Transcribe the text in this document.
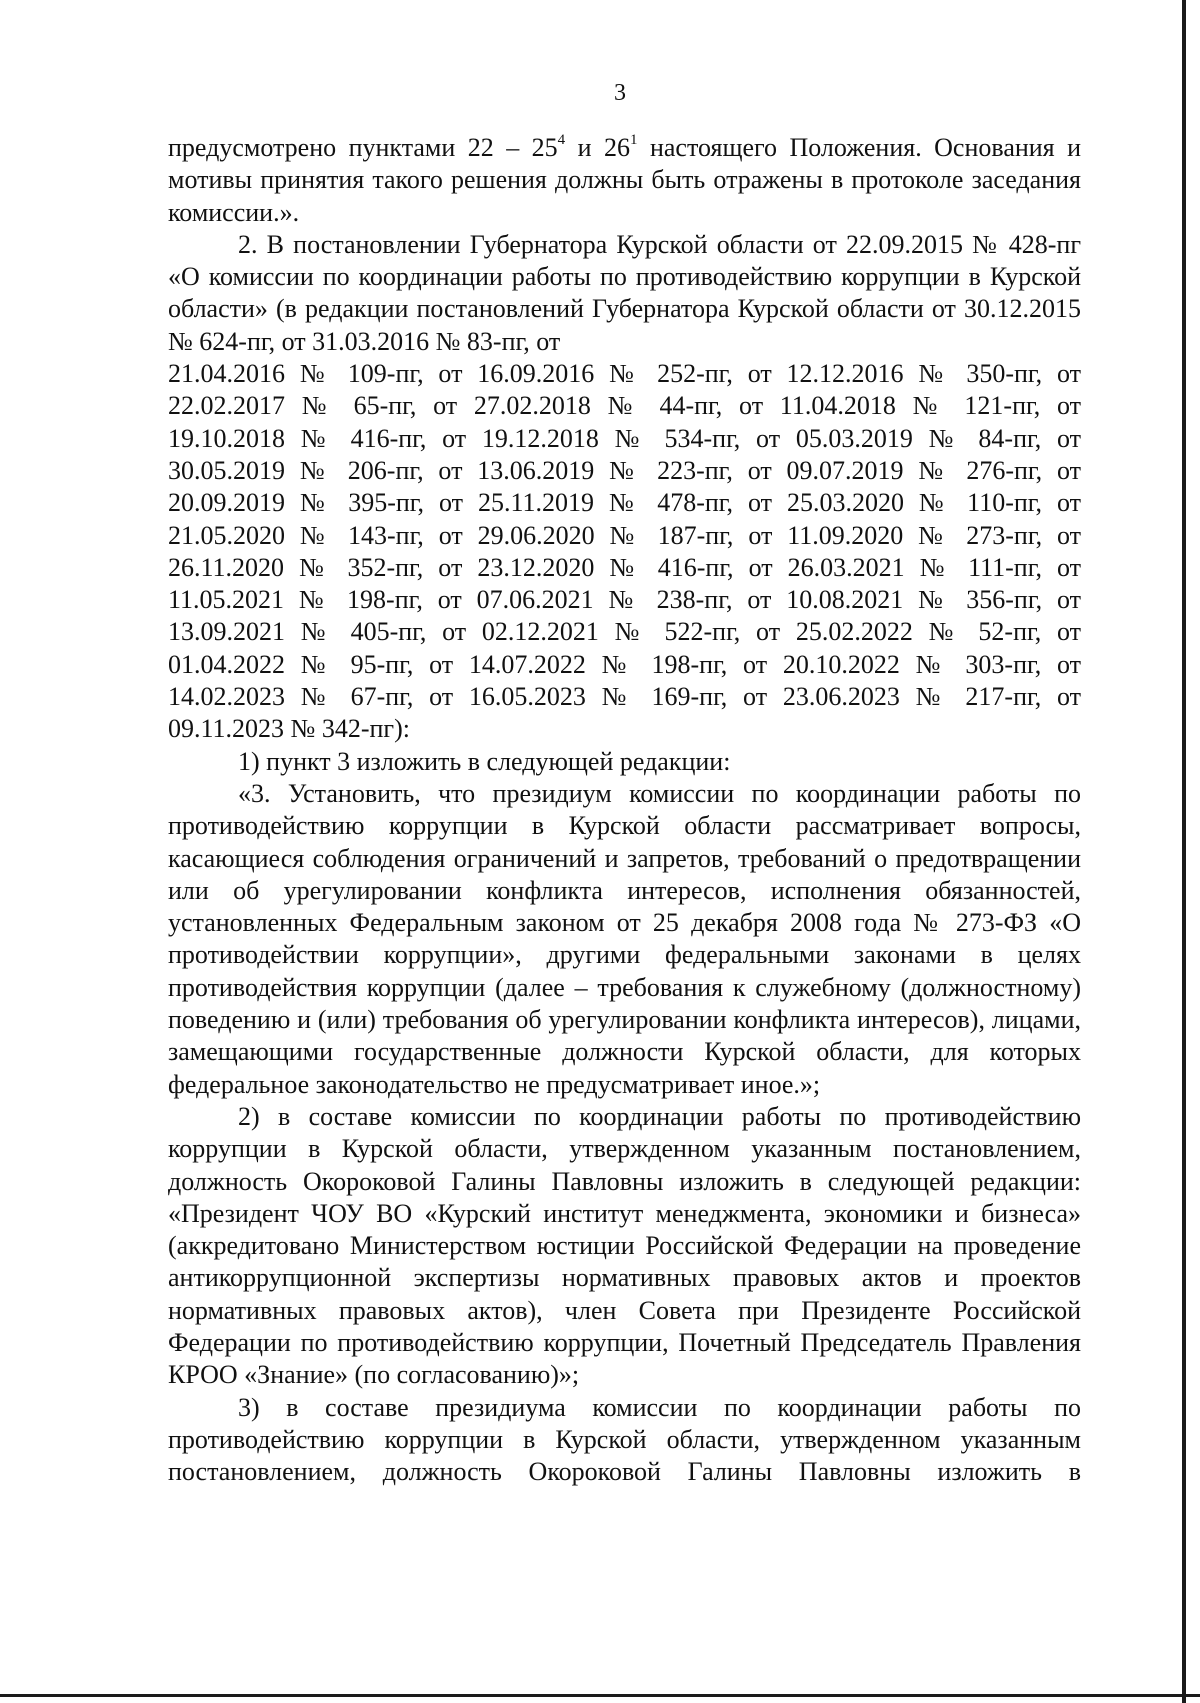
3

предусмотрено пунктами $22 - 25^4$ и $26^1$ настоящего Положения. Основания и мотивы принятия такого решения должны быть отражены в протоколе заседания комиссии.».

2. В постановлении Губернатора Курской области от 22.09.2015 № 428-пг «О комиссии по координации работы по противодействию коррупции в Курской области» (в редакции постановлений Губернатора Курской области от 30.12.2015 № 624-пг, от 31.03.2016 № 83-пг, от

21.04.2016 № 109-пг, от 16.09.2016 № 252-пг, от 12.12.2016 № 350-пг, от

22.02.2017 № 65-пг, от 27.02.2018 № 44-пг, от 11.04.2018 № 121-пг, от

19.10.2018 № 416-пг, от 19.12.2018 № 534-пг, от 05.03.2019 № 84-пг, от

30.05.2019 № 206-пг, от 13.06.2019 № 223-пг, от 09.07.2019 № 276-пг, от

20.09.2019 № 395-пг, от 25.11.2019 № 478-пг, от 25.03.2020 № 110-пг, от

21.05.2020 № 143-пг, от 29.06.2020 № 187-пг, от 11.09.2020 № 273-пг, от

26.11.2020 № 352-пг, от 23.12.2020 № 416-пг, от 26.03.2021 № 111-пг, от

11.05.2021 № 198-пг, от 07.06.2021 № 238-пг, от 10.08.2021 № 356-пг, от

13.09.2021 № 405-пг, от 02.12.2021 № 522-пг, от 25.02.2022 № 52-пг, от

01.04.2022 № 95-пг, от 14.07.2022 № 198-пг, от 20.10.2022 № 303-пг, от

14.02.2023 № 67-пг, от 16.05.2023 № 169-пг, от 23.06.2023 № 217-пг, от

09.11.2023 № 342-пг):

1) пункт 3 изложить в следующей редакции:

«3. Установить, что президиум комиссии по координации работы по противодействию коррупции в Курской области рассматривает вопросы, касающиеся соблюдения ограничений и запретов, требований о предотвращении или об урегулировании конфликта интересов, исполнения обязанностей, установленных Федеральным законом от 25 декабря 2008 года № 273-ФЗ «О противодействии коррупции», другими федеральными законами в целях противодействия коррупции (далее – требования к служебному (должностному) поведению и (или) требования об урегулировании конфликта интересов), лицами, замещающими государственные должности Курской области, для которых федеральное законодательство не предусматривает иное.»;

2) в составе комиссии по координации работы по противодействию коррупции в Курской области, утвержденном указанным постановлением, должность Окороковой Галины Павловны изложить в следующей редакции: «Президент ЧОУ ВО «Курский институт менеджмента, экономики и бизнеса» (аккредитовано Министерством юстиции Российской Федерации на проведение антикоррупционной экспертизы нормативных правовых актов и проектов нормативных правовых актов), член Совета при Президенте Российской Федерации по противодействию коррупции, Почетный Председатель Правления КРОО «Знание» (по согласованию)»;

3) в составе президиума комиссии по координации работы по противодействию коррупции в Курской области, утвержденном указанным постановлением, должность Окороковой Галины Павловны изложить в
